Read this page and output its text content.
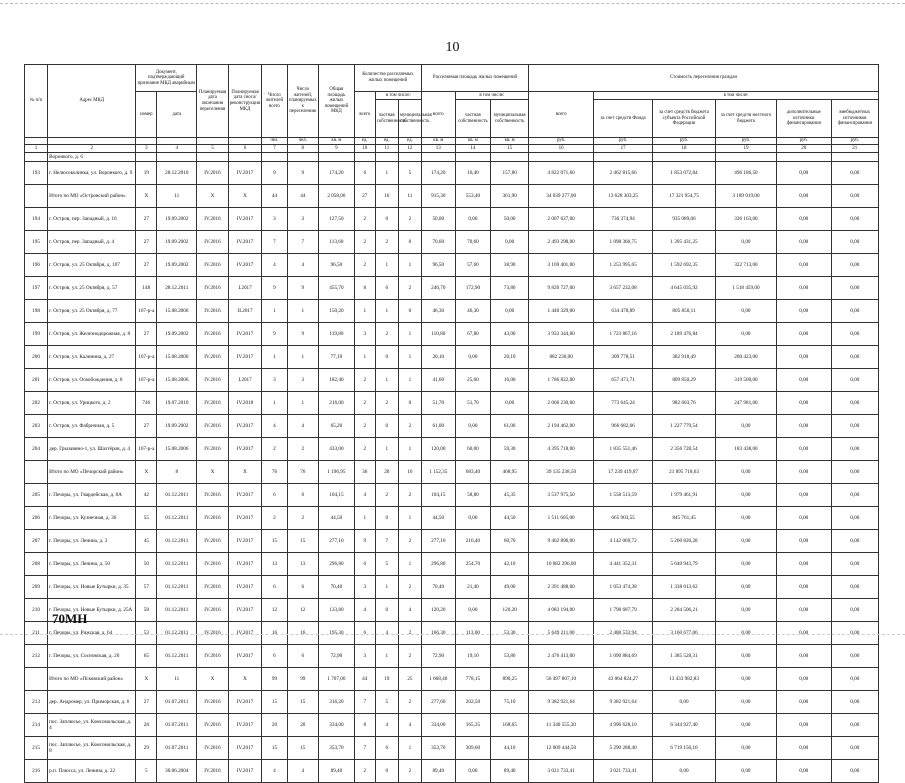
10
№ п/п	Адрес МКД	Документ, подтверждающий признание МКД аварийным		Планируемая дата окончания переселения	Планируемая дата сноса/ реконструкции МКД	Число жителей всего	Число жителей, планируемых к переселению	Общая площадь жилых помещений МКД	Количество расселяемых жилых помещений			Расселяемая площадь жилых помещений			Стоимость переселения граждан					
		номер	дата						всего	в том числе:		всего	в том числе:		всего	в том числе:				
										частная собственность	муниципальная собственность		частная собственность	муниципальная собственность		за счет средств Фонда	за счет средств бюджета субъекта Российской Федерации	за счет средств местного бюджета	дополнительные источники финансирования	внебюджетных источников финансирования
						чел.	чел.	кв. м	ед.	ед.	ед.	кв. м	кв. м	кв. м	руб.	руб.	руб.	руб.	руб.	руб.
1	2	3	4	5	6	7	8	9	10	11	12	13	14	15	16	17	18	19	20	21
	Воронкого, д. 6																			
193	г. Нелюсоколинка, ул. Воронкого, д. 9	19	28.12.2010	IV.2016	IV.2017	9	9	174,20	6	1	5	174,20	16,40	157,80	4 822 071,60	2 462 815,66	1 853 072,84	496 186,50	0,00	0,00
	Итого по МО «Островский район»	X	11	X	X	44	44	2 058,00	27	16	11	915,30	553,40	361,90	34 039 277,00	13 628 303,25	17 321 954,75	3 189 019,00	0,00	0,00
194	г. Остров, пер. Западный, д. 16	27	19.09.2002	IV.2016	IV.2017	3	3	127,50	2	0	2	50,00	0,00	50,00	2 007 627,00	736 374,94	935 089,06	336 163,00	0,00	0,00
195	г. Остров, пер. Западный, д. 4	27	19.09.2002	IV.2016	IV.2017	7	7	113,60	2	2	0	70,60	70,60	0,00	2 493 298,00	1 098 366,75	1 395 431,25	0,00	0,00	0,00
196	г. Остров, ул. 25 Октября, д. 107	27	19.09.2002	IV.2016	IV.2017	4	4	96,50	2	1	1	96,50	57,60	38,90	3 169 401,00	1 253 995,65	1 592 692,35	322 713,00	0,00	0,00
197	г. Остров, ул. 25 Октября, д. 57	148	28.12.2011	IV.2016	I.2017	9	9	455,70	8	6	2	246,70	172,90	73,80	9 820 727,00	3 657 232,08	4 645 035,92	1 518 459,00	0,00	0,00
198	г. Остров, ул. 25 Октября, д. 77	167-р-а	15.08.2006	IV.2016	II.2017	1	1	150,20	1	1	0	46,30	46,30	0,00	1 440 329,00	634 478,89	805 850,11	0,00	0,00	0,00
199	г. Остров, ул. Железнодорожная, д. 8	27	19.09.2002	IV.2016	IV.2017	9	9	119,80	3	2	1	110,80	67,80	43,00	3 933 344,00	1 723 867,16	2 189 476,84	0,00	0,00	0,00
200	г. Остров, ул. Калинина, д. 27	167-р-а	15.08.2006	IV.2016	IV.2017	1	1	77,10	1	0	1	20,10	0,00	20,10	882 230,00	309 778,51	382 918,49	200 423,00	0,00	0,00
201	г. Остров, ул. Освобождения, д. 8	167-р-а	15.08.2006	IV.2016	I.2017	3	3	182,40	2	1	1	41,60	25,60	16,00	1 786 822,00	657 471,71	809 850,29	319 500,00	0,00	0,00
202	г. Остров, ул. Урицкого, д. 2	746	19.07.2010	IV.2016	IV.2018	1	1	216,00	2	2	0	51,70	51,70	0,00	2 066 230,00	773 645,24	982 603,76	247 981,00	0,00	0,00
203	г. Остров, ул. Фабричная, д. 5	27	19.09.2002	IV.2016	IV.2017	4	4	65,20	2	0	2	61,00	0,00	61,00	2 194 462,00	966 682,66	1 227 779,54	0,00	0,00	0,00
204	дер. Грызавино-1, ул. Шахтёров, д. 4	167-р-а	15.08.2006	IV.2016	IV.2017	2	2	433,00	2	1	1	120,00	60,00	59,30	4 395 718,00	1 835 551,46	2 356 728,54	183 438,00	0,00	0,00
	Итого по МО «Печорский район»	X	8	X	X	76	76	1 196,95	36	20	16	1 152,35	683,40	468,95	39 135 238,50	17 239 419,87	21 895 718,63	0,00	0,00	0,00
205	г. Печоры, ул. Гвардейская, д. 8А	42	01.12.2011	IV.2016	IV.2017	6	6	104,15	4	2	2	104,15	58,80	45,35	3 537 975,50	1 558 513,59	1 979 461,91	0,00	0,00	0,00
206	г. Печоры, ул. Кузнечная, д. 36	55	01.12.2011	IV.2016	IV.2017	2	2	44,50	1	0	1	44,50	0,00	44,50	1 511 605,00	665 903,55	845 761,45	0,00	0,00	0,00
207	г. Печоры, ул. Ленина, д. 2	45	01.12.2011	IV.2016	IV.2017	15	15	277,10	9	7	2	277,10	216,40	60,70	9 402 896,00	4 142 069,72	5 260 826,28	0,00	0,00	0,00
208	г. Печоры, ул. Ленина, д. 50	50	01.12.2011	IV.2016	IV.2017	13	13	296,80	6	5	1	296,80	254,70	42,10	10 082 296,00	4 441 352,31	5 640 943,79	0,00	0,00	0,00
209	г. Печоры, ул. Новые Бутырки, д. 35	57	01.12.2011	IV.2016	IV.2017	6	6	70,40	3	1	2	70,40	21,40	49,00	2 391 488,00	1 053 474,38	1 338 013,62	0,00	0,00	0,00
210	г. Печоры, ул. Новые Бутырки, д. 25А	58	01.12.2011	IV.2016	IV.2017	12	12	133,80	4	0	4	120,20	0,00	120,20	4 083 194,00	1 798 687,79	2 284 506,21	0,00	0,00	0,00
211	г. Печоры, ул. Рижская, д. 64	53	01.12.2011	IV.2016	IV.2017	16	16	195,30	6	4	2	166,30	113,00	53,30	5 649 211,00	2 488 533,94	3 160 677,06	0,00	0,00	0,00
212	г. Печоры, ул. Сосновская, д. 20	65	01.12.2011	IV.2016	IV.2017	6	6	72,90	3	1	2	72,90	19,10	53,80	2 476 413,00	1 090 884,69	1 385 528,31	0,00	0,00	0,00
	Итого по МО «Псковский район»	X	11	X	X	99	99	1 707,00	44	19	25	1 668,40	778,15	890,25	56 497 807,10	43 064 824,27	13 433 982,83	0,00	0,00	0,00
213	дер. Андромер, ул. Приморская, д. 6	27	01.07.2011	IV.2016	IV.2017	15	15	316,20	7	5	2	277,60	202,50	75,10	9 382 921,64	9 382 921,64	0,00	0,00	0,00	0,00
214	пос. Заплюсье, ул. Комсомольская, д. 4	28	01.07.2011	IV.2016	IV.2017	20	20	334,00	8	4	4	334,00	165,35	168,65	11 340 555,30	4 996 628,10	6 344 927,40	0,00	0,00	0,00
215	пос. Заплюсье, ул. Комсомольская, д. 8	29	01.07.2011	IV.2016	IV.2017	15	15	353,70	7	6	1	353,70	309,60	44,10	12 009 444,50	5 290 288,40	6 719 156,10	0,00	0,00	0,00
216	р.п. Плюсса, ул. Ленина, д. 22	5	30.06.2004	IV.2016	IV.2017	4	4	89,40	2	0	2	89,40	0,00	89,40	3 021 733,41	3 021 733,41	0,00	0,00	0,00	0,00
70МН
